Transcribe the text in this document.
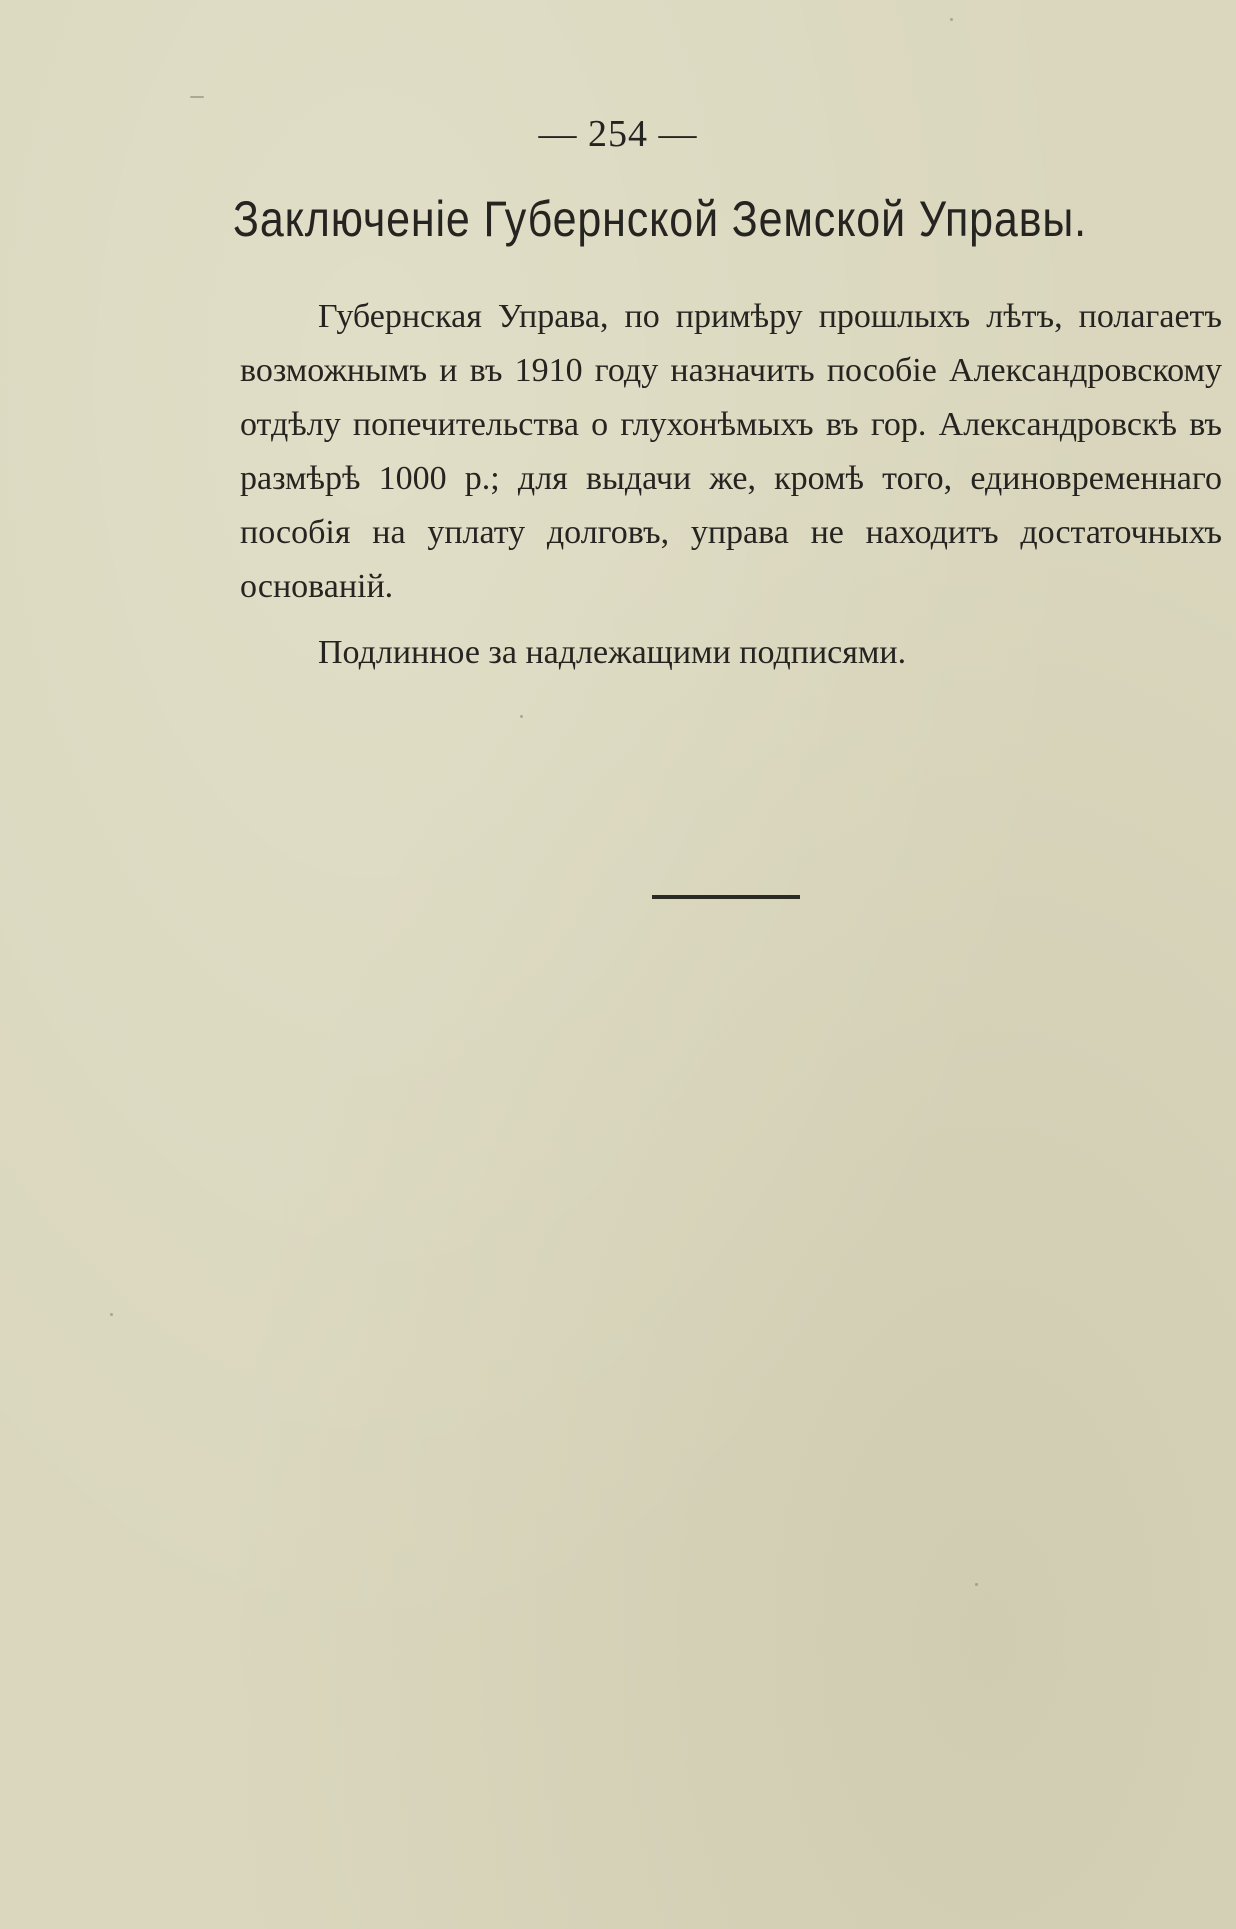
— 254 —
Заключеніе Губернской Земской Управы.

Губернская Управа, по примѣру прошлыхъ лѣтъ, полагаетъ возможнымъ и въ 1910 году назначить пособіе Александровскому отдѣлу попечительства о глухонѣмыхъ въ гор. Александровскѣ въ размѣрѣ 1000 р.; для выдачи же, кромѣ того, единовременнаго пособія на уплату долговъ, управа не находитъ достаточныхъ основаній.

Подлинное за надлежащими подписями.
